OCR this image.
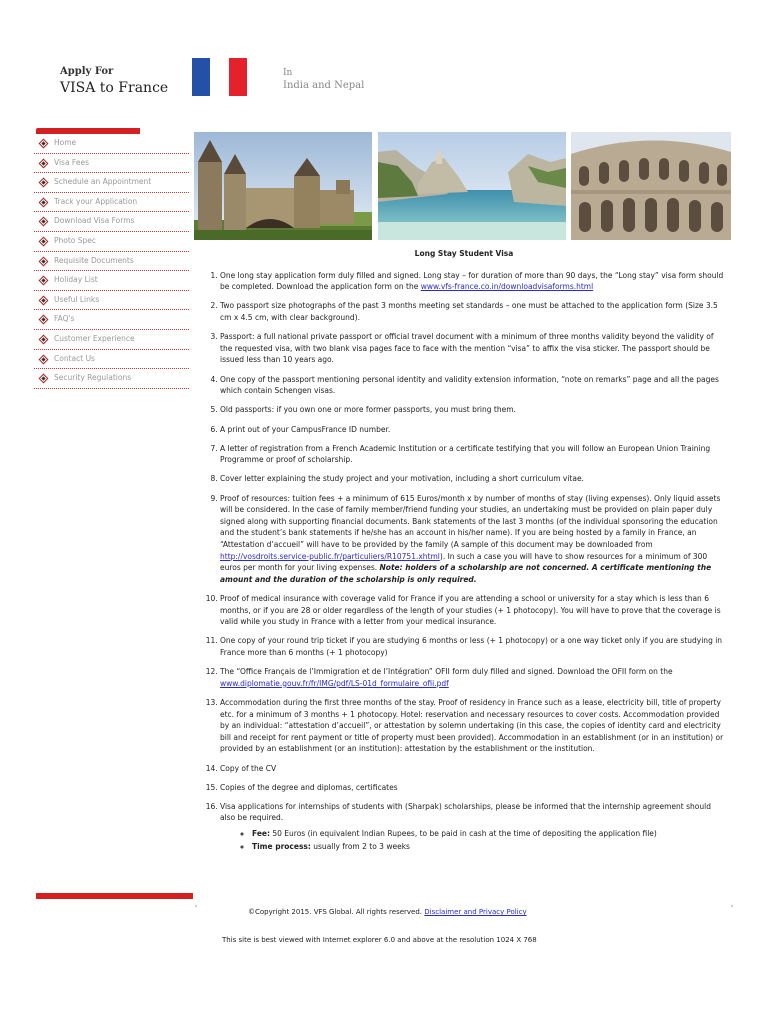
Apply For
VISA to France
In
India and Nepal
Home
Visa Fees
Schedule an Appointment
Track your Application
Download Visa Forms
Photo Spec
Requisite Documents
Holiday List
Useful Links
FAQ's
Customer Experience
Contact Us
Security Regulations
Long Stay Student Visa
1. One long stay application form duly filled and signed. Long stay – for duration of more than 90 days, the “Long stay” visa form should be completed. Download the application form on the www.vfs-france.co.in/downloadvisaforms.html
2. Two passport size photographs of the past 3 months meeting set standards – one must be attached to the application form (Size 3.5 cm x 4.5 cm, with clear background).
3. Passport: a full national private passport or official travel document with a minimum of three months validity beyond the validity of the requested visa, with two blank visa pages face to face with the mention “visa” to affix the visa sticker. The passport should be issued less than 10 years ago.
4. One copy of the passport mentioning personal identity and validity extension information, “note on remarks” page and all the pages which contain Schengen visas.
5. Old passports: if you own one or more former passports, you must bring them.
6. A print out of your CampusFrance ID number.
7. A letter of registration from a French Academic Institution or a certificate testifying that you will follow an European Union Training Programme or proof of scholarship.
8. Cover letter explaining the study project and your motivation, including a short curriculum vitae.
9. Proof of resources: tuition fees + a minimum of 615 Euros/month x by number of months of stay (living expenses). Only liquid assets will be considered. In the case of family member/friend funding your studies, an undertaking must be provided on plain paper duly signed along with supporting financial documents. Bank statements of the last 3 months (of the individual sponsoring the education and the student’s bank statements if he/she has an account in his/her name). If you are being hosted by a family in France, an “Attestation d’accueil” will have to be provided by the family (A sample of this document may be downloaded from http://vosdroits.service-public.fr/particuliers/R10751.xhtml). In such a case you will have to show resources for a minimum of 300 euros per month for your living expenses. Note: holders of a scholarship are not concerned. A certificate mentioning the amount and the duration of the scholarship is only required.
10. Proof of medical insurance with coverage valid for France if you are attending a school or university for a stay which is less than 6 months, or if you are 28 or older regardless of the length of your studies (+ 1 photocopy). You will have to prove that the coverage is valid while you study in France with a letter from your medical insurance.
11. One copy of your round trip ticket if you are studying 6 months or less (+ 1 photocopy) or a one way ticket only if you are studying in France more than 6 months (+ 1 photocopy)
12. The “Office Français de l’Immigration et de l’Intégration” OFII form duly filled and signed. Download the OFII form on the www.diplomatie.gouv.fr/fr/IMG/pdf/LS-01d_formulaire_ofii.pdf
13. Accommodation during the first three months of the stay. Proof of residency in France such as a lease, electricity bill, title of property etc. for a minimum of 3 months + 1 photocopy. Hotel: reservation and necessary resources to cover costs. Accommodation provided by an individual: “attestation d’accueil”, or attestation by solemn undertaking (in this case, the copies of identity card and electricity bill and receipt for rent payment or title of property must been provided). Accommodation in an establishment (or in an institution) or provided by an establishment (or an institution): attestation by the establishment or the institution.
14. Copy of the CV
15. Copies of the degree and diplomas, certificates
16. Visa applications for internships of students with (Sharpak) scholarships, please be informed that the internship agreement should also be required.
◦ Fee: 50 Euros (in equivalent Indian Rupees, to be paid in cash at the time of depositing the application file)
◦ Time process: usually from 2 to 3 weeks
©Copyright 2015. VFS Global. All rights reserved. Disclaimer and Privacy Policy
This site is best viewed with Internet explorer 6.0 and above at the resolution 1024 X 768
